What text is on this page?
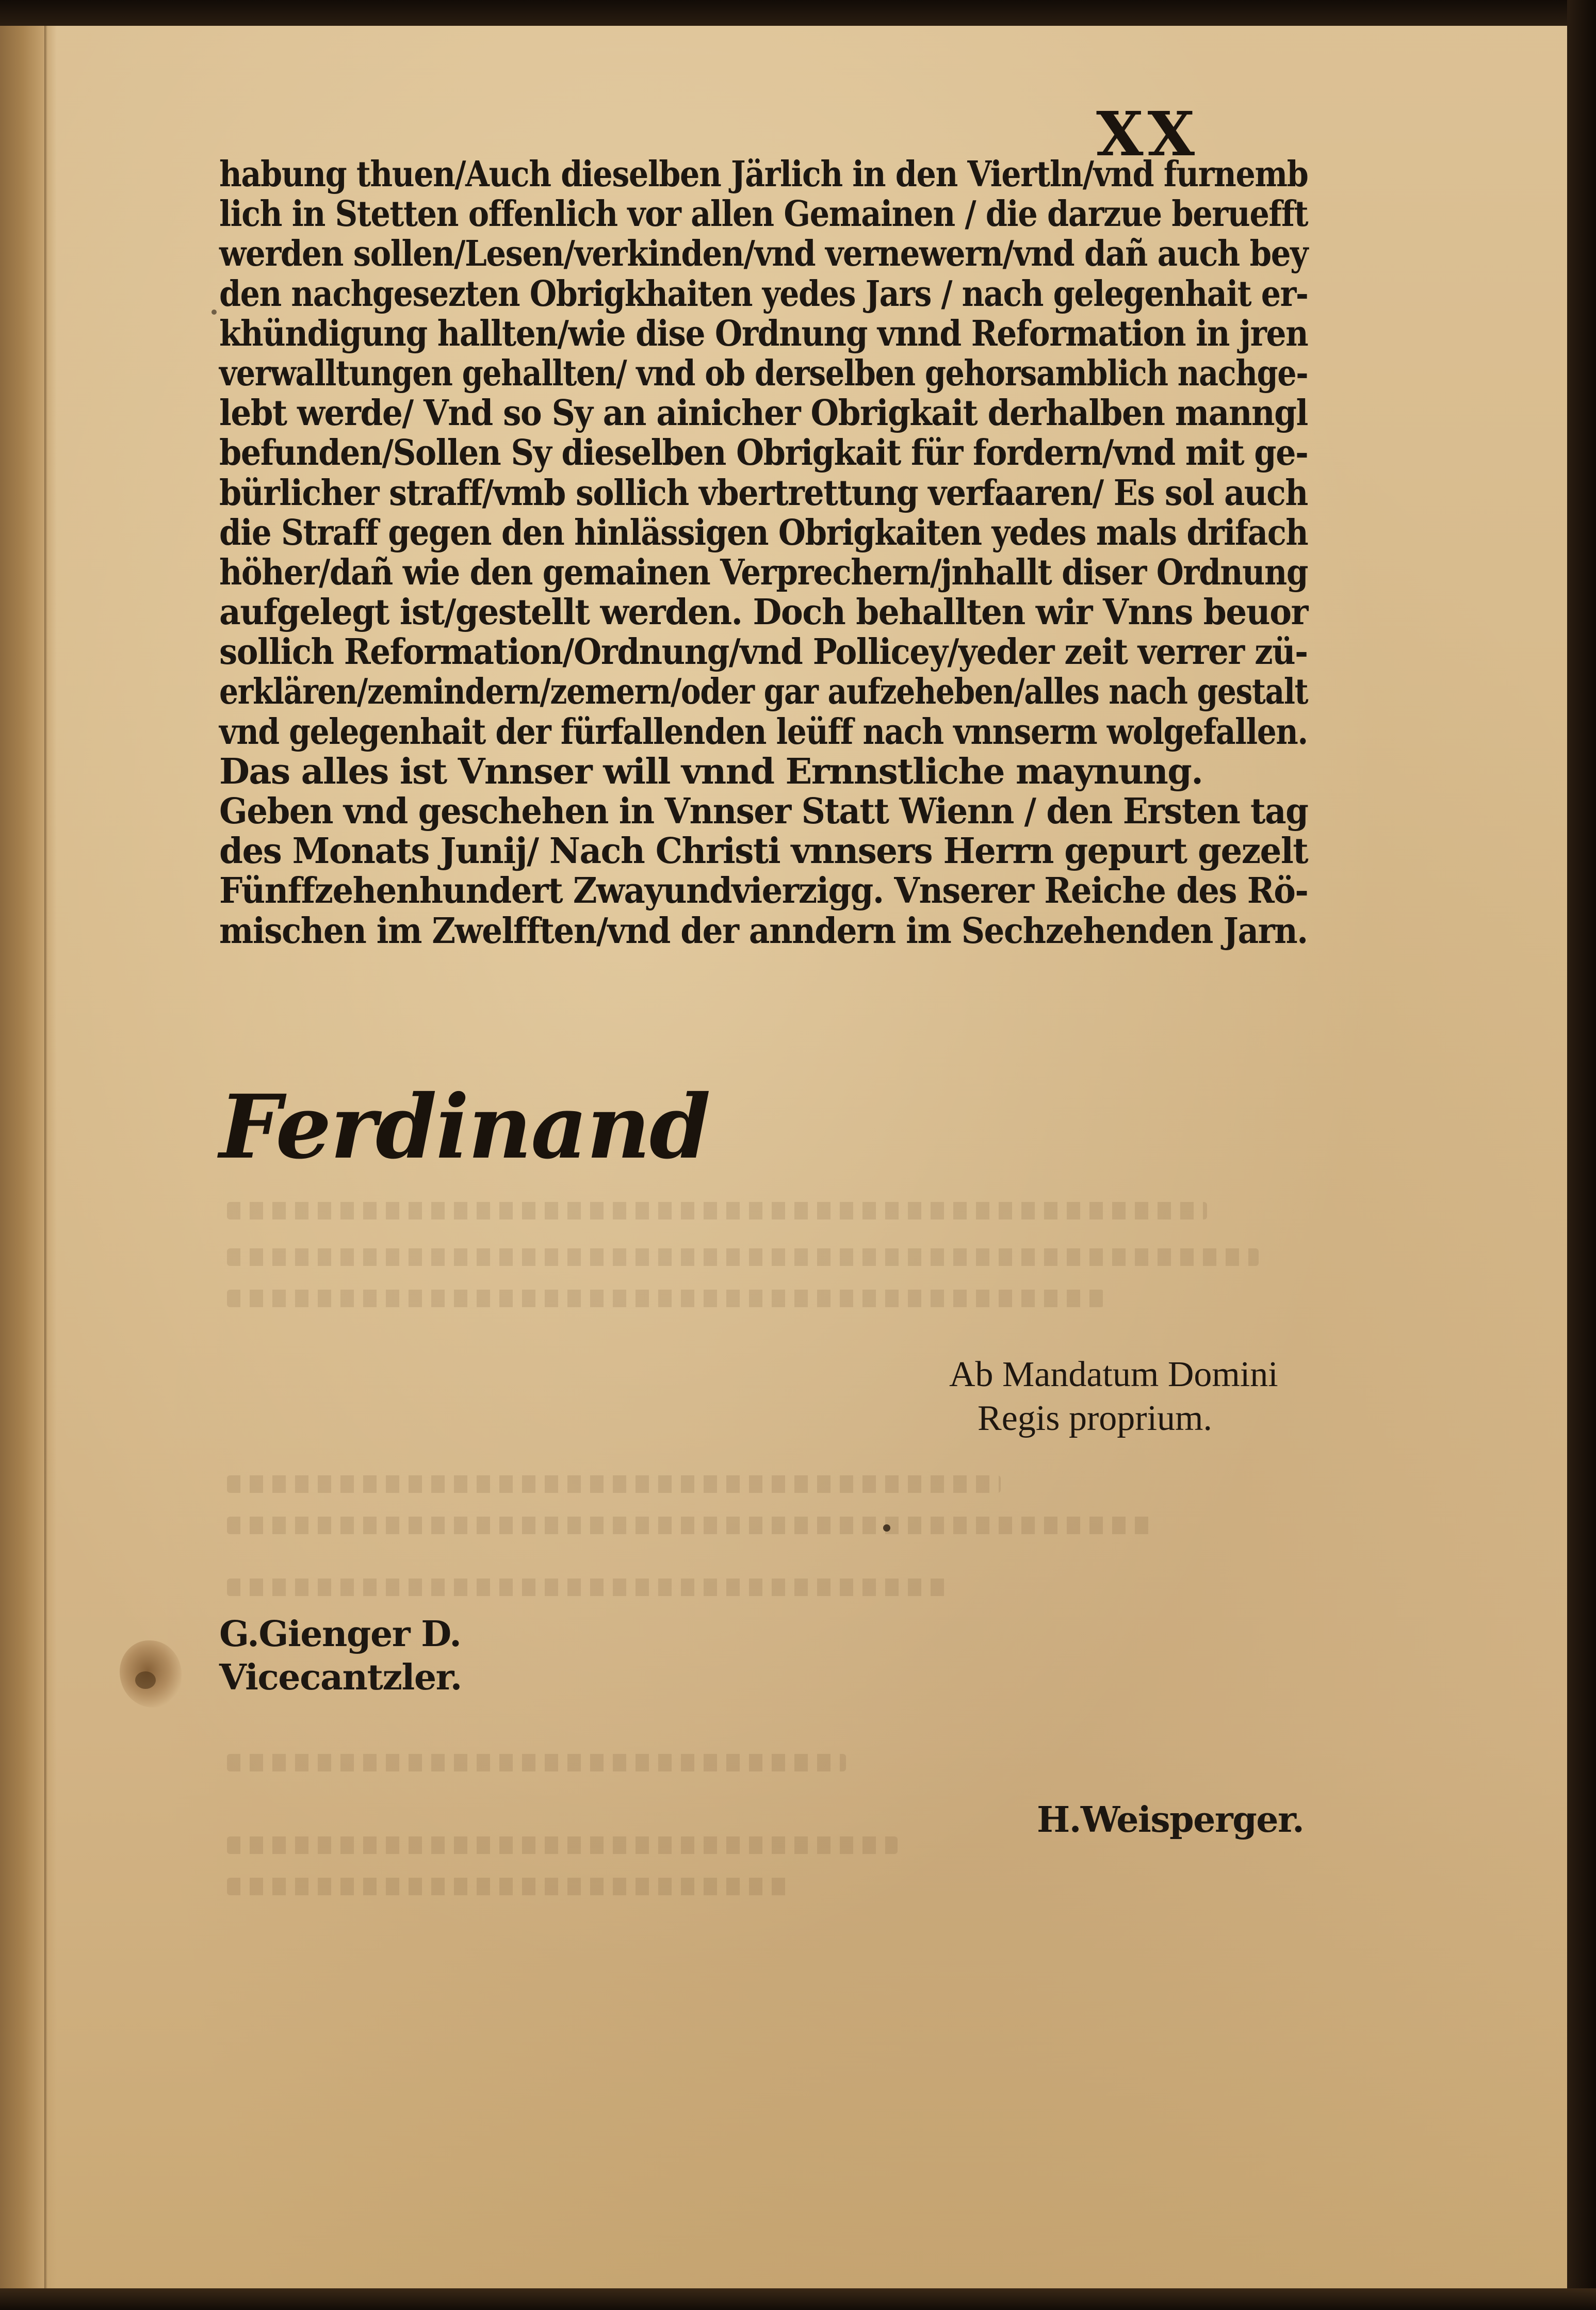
XX
habung thuen/Auch dieselben Järlich in den Viertln/vnd furnemb
lich in Stetten offenlich vor allen Gemainen / die darzue beruefft
werden sollen/Lesen/verkinden/vnd vernewern/vnd dañ auch bey
den nachgesezten Obrigkhaiten yedes Jars / nach gelegenhait er-
khündigung hallten/wie dise Ordnung vnnd Reformation in jren
verwalltungen gehallten/ vnd ob derselben gehorsamblich nachge-
lebt werde/ Vnd so Sy an ainicher Obrigkait derhalben manngl
befunden/Sollen Sy dieselben Obrigkait für fordern/vnd mit ge-
bürlicher straff/vmb sollich vbertrettung verfaaren/ Es sol auch
die Straff gegen den hinlässigen Obrigkaiten yedes mals drifach
höher/dañ wie den gemainen Verprechern/jnhallt diser Ordnung
aufgelegt ist/gestellt werden. Doch behallten wir Vnns beuor
sollich Reformation/Ordnung/vnd Pollicey/yeder zeit verrer zü-
erklären/zemindern/zemern/oder gar aufzeheben/alles nach gestalt
vnd gelegenhait der fürfallenden leüff nach vnnserm wolgefallen.
Das alles ist Vnnser will vnnd Ernnstliche maynung.
Geben vnd geschehen in Vnnser Statt Wienn / den Ersten tag
des Monats Junij/ Nach Christi vnnsers Herrn gepurt gezelt
Fünffzehenhundert Zwayundvierzigg. Vnserer Reiche des Rö-
mischen im Zwelfften/vnd der anndern im Sechzehenden Jarn.
Ferdinand
Ab Mandatum Domini
Regis proprium.
G.Gienger D.
Vicecantzler.
H.Weisperger.
